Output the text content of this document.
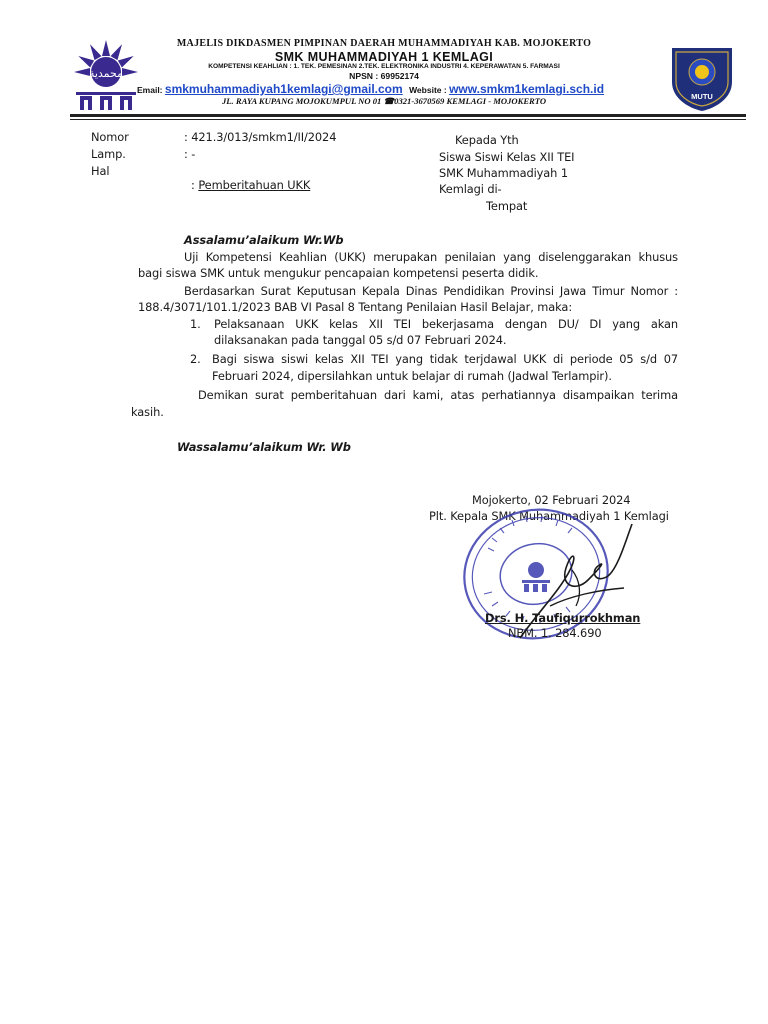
محمدية
MUTU
MAJELIS DIKDASMEN PIMPINAN DAERAH MUHAMMADIYAH KAB. MOJOKERTO
SMK MUHAMMADIYAH 1 KEMLAGI
KOMPETENSI KEAHLIAN : 1. TEK. PEMESINAN 2.TEK. ELEKTRONIKA INDUSTRI 4. KEPERAWATAN 5. FARMASI
NPSN : 69952174
Email: smkmuhammadiyah1kemlagi@gmail.com Website : www.smkm1kemlagi.sch.id
JL. RAYA KUPANG MOJOKUMPUL NO 01 ☎0321-3670569 KEMLAGI - MOJOKERTO
Nomor	: 421.3/013/smkm1/II/2024
Lamp.	: -
Hal

: Pemberitahuan UKK

Kepada Yth
Siswa Siswi Kelas XII TEI
SMK Muhammadiyah 1
Kemlagi di-
Tempat
Assalamu’alaikum Wr.Wb
Uji Kompetensi Keahlian (UKK) merupakan penilaian yang diselenggarakan khusus
bagi siswa SMK untuk mengukur pencapaian kompetensi peserta didik.
Berdasarkan Surat Keputusan Kepala Dinas Pendidikan Provinsi Jawa Timur Nomor :
188.4/3071/101.1/2023 BAB VI Pasal 8 Tentang Penilaian Hasil Belajar, maka:
1. Pelaksanaan UKK kelas XII TEI bekerjasama dengan DU/ DI yang akan
dilaksanakan pada tanggal 05 s/d 07 Februari 2024.
2. Bagi siswa siswi kelas XII TEI yang tidak terjdawal UKK di periode 05 s/d 07
Februari 2024, dipersilahkan untuk belajar di rumah (Jadwal Terlampir).
Demikan surat pemberitahuan dari kami, atas perhatiannya disampaikan terima
kasih.
Wassalamu’alaikum Wr. Wb
Mojokerto, 02 Februari 2024
Plt. Kepala SMK Muhammadiyah 1 Kemlagi
Drs. H. Taufiqurrokhman
NBM. 1. 284.690
